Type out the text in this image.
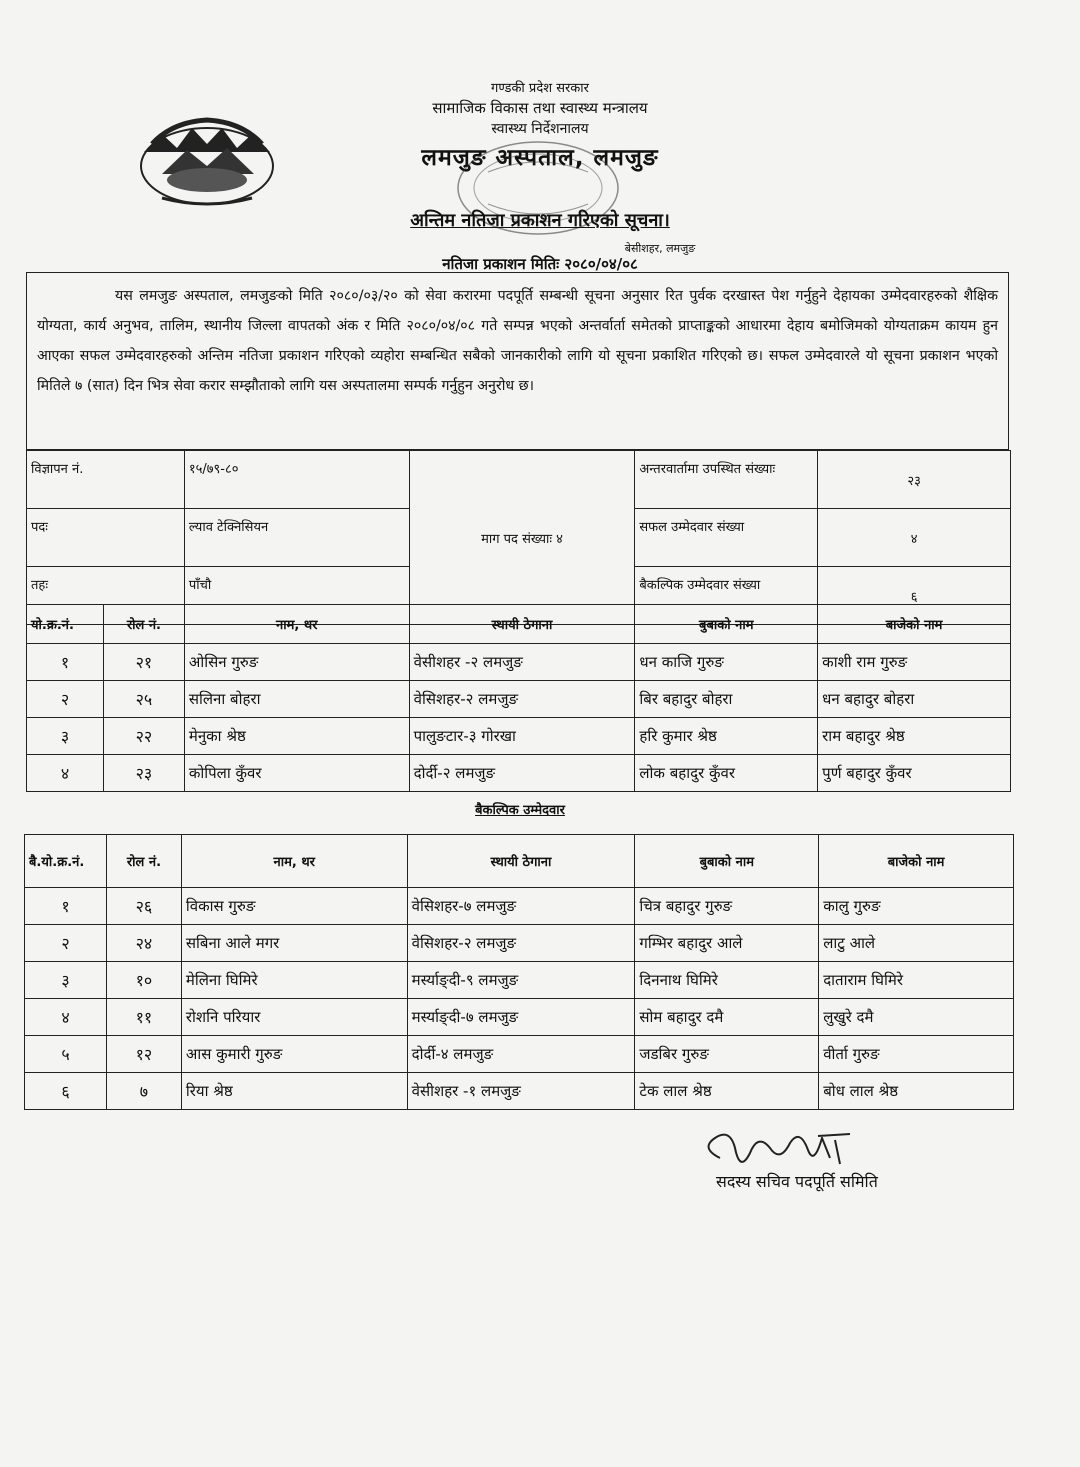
गण्डकी प्रदेश सरकार
सामाजिक विकास तथा स्वास्थ्य मन्त्रालय
स्वास्थ्य निर्देशनालय
लमजुङ अस्पताल, लमजुङ
अन्तिम नतिजा प्रकाशन गरिएको सूचना।
बेसीशहर, लमजुङ
नतिजा प्रकाशन मितिः २०८०/०४/०८

यस लमजुङ अस्पताल, लमजुङको मिति २०८०/०३/२० को सेवा करारमा पदपूर्ति सम्बन्धी सूचना अनुसार रित पुर्वक दरखास्त पेश गर्नुहुने देहायका उम्मेदवारहरुको शैक्षिक योग्यता, कार्य अनुभव, तालिम, स्थानीय जिल्ला वापतको अंक र मिति २०८०/०४/०८ गते सम्पन्न भएको अन्तर्वार्ता समेतको प्राप्ताङ्कको आधारमा देहाय बमोजिमको योग्यताक्रम कायम हुन आएका सफल उम्मेदवारहरुको अन्तिम नतिजा प्रकाशन गरिएको व्यहोरा सम्बन्धित सबैको जानकारीको लागि यो सूचना प्रकाशित गरिएको छ। सफल उम्मेदवारले यो सूचना प्रकाशन भएको मितिले ७ (सात) दिन भित्र सेवा करार सम्झौताको लागि यस अस्पतालमा सम्पर्क गर्नुहुन अनुरोध छ।

विज्ञापन नं.	१५/७९-८०	माग पद संख्याः ४	अन्तरवार्तामा उपस्थित संख्याः	२३
पदः	ल्याव टेक्निसियन		सफल उम्मेदवार संख्या	४
तहः	पाँचौ		बैकल्पिक उम्मेदवार संख्या	६
यो.क्र.नं.	रोल नं.	नाम, थर	स्थायी ठेगाना	बुबाको नाम	बाजेको नाम
१	२१	ओसिन गुरुङ	वेसीशहर -२ लमजुङ	धन काजि गुरुङ	काशी राम गुरुङ
२	२५	सलिना बोहरा	वेसिशहर-२ लमजुङ	बिर बहादुर बोहरा	धन बहादुर बोहरा
३	२२	मेनुका श्रेष्ठ	पालुङटार-३ गोरखा	हरि कुमार श्रेष्ठ	राम बहादुर श्रेष्ठ
४	२३	कोपिला कुँवर	दोर्दी-२ लमजुङ	लोक बहादुर कुँवर	पुर्ण बहादुर कुँवर
बैकल्पिक उम्मेदवार
बै.यो.क्र.नं.	रोल नं.	नाम, थर	स्थायी ठेगाना	बुबाको नाम	बाजेको नाम
१	२६	विकास गुरुङ	वेसिशहर-७ लमजुङ	चित्र बहादुर गुरुङ	कालु गुरुङ
२	२४	सबिना आले मगर	वेसिशहर-२ लमजुङ	गम्भिर बहादुर आले	लाटु आले
३	१०	मेलिना घिमिरे	मर्स्याङ्दी-९ लमजुङ	दिननाथ घिमिरे	दाताराम घिमिरे
४	११	रोशनि परियार	मर्स्याङ्दी-७ लमजुङ	सोम बहादुर दमै	लुखुरे दमै
५	१२	आस कुमारी गुरुङ	दोर्दी-४ लमजुङ	जडबिर गुरुङ	वीर्ता गुरुङ
६	७	रिया श्रेष्ठ	वेसीशहर -१ लमजुङ	टेक लाल श्रेष्ठ	बोध लाल श्रेष्ठ
सदस्य सचिव पदपूर्ति समिति
